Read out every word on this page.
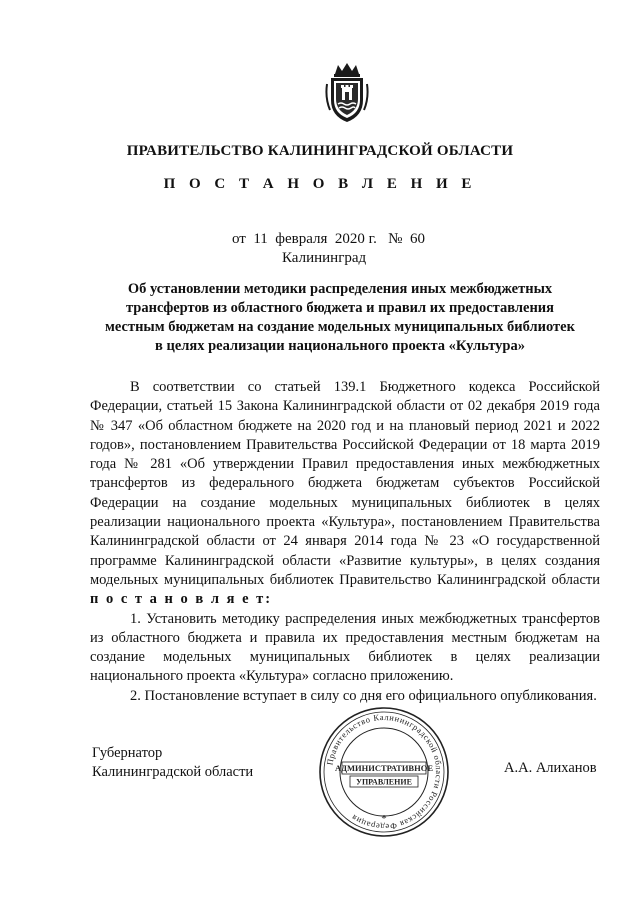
ПРАВИТЕЛЬСТВО КАЛИНИНГРАДСКОЙ ОБЛАСТИ
П О С Т А Н О В Л Е Н И Е
от  11  февраля  2020 г.   №  60
Калининград
Об установлении методики распределения иных межбюджетных
трансфертов из областного бюджета и правил их предоставления
местным бюджетам на создание модельных муниципальных библиотек
в целях реализации национального проекта «Культура»

В соответствии со статьей 139.1 Бюджетного кодекса Российской Федерации, статьей 15 Закона Калининградской области от 02 декабря 2019 года № 347 «Об областном бюджете на 2020 год и на плановый период 2021 и 2022 годов», постановлением Правительства Российской Федерации от 18 марта 2019 года № 281 «Об утверждении Правил предоставления иных межбюджетных трансфертов из федерального бюджета бюджетам субъектов Российской Федерации на создание модельных муниципальных библиотек в целях реализации национального проекта «Культура», постановлением Правительства Калининградской области от 24 января 2014 года № 23 «О государственной программе Калининградской области «Развитие культуры», в целях создания модельных муниципальных библиотек Правительство Калининградской области п о с т а н о в л я е т:

1. Установить методику распределения иных межбюджетных трансфертов из областного бюджета и правила их предоставления местным бюджетам на создание модельных муниципальных библиотек в целях реализации национального проекта «Культура» согласно приложению.

2. Постановление вступает в силу со дня его официального опубликования.

Губернатор
Калининградской области	А.А. Алиханов
Правительство Калининградской области Российская Федерация
АДМИНИСТРАТИВНОЕ
УПРАВЛЕНИЕ
*
